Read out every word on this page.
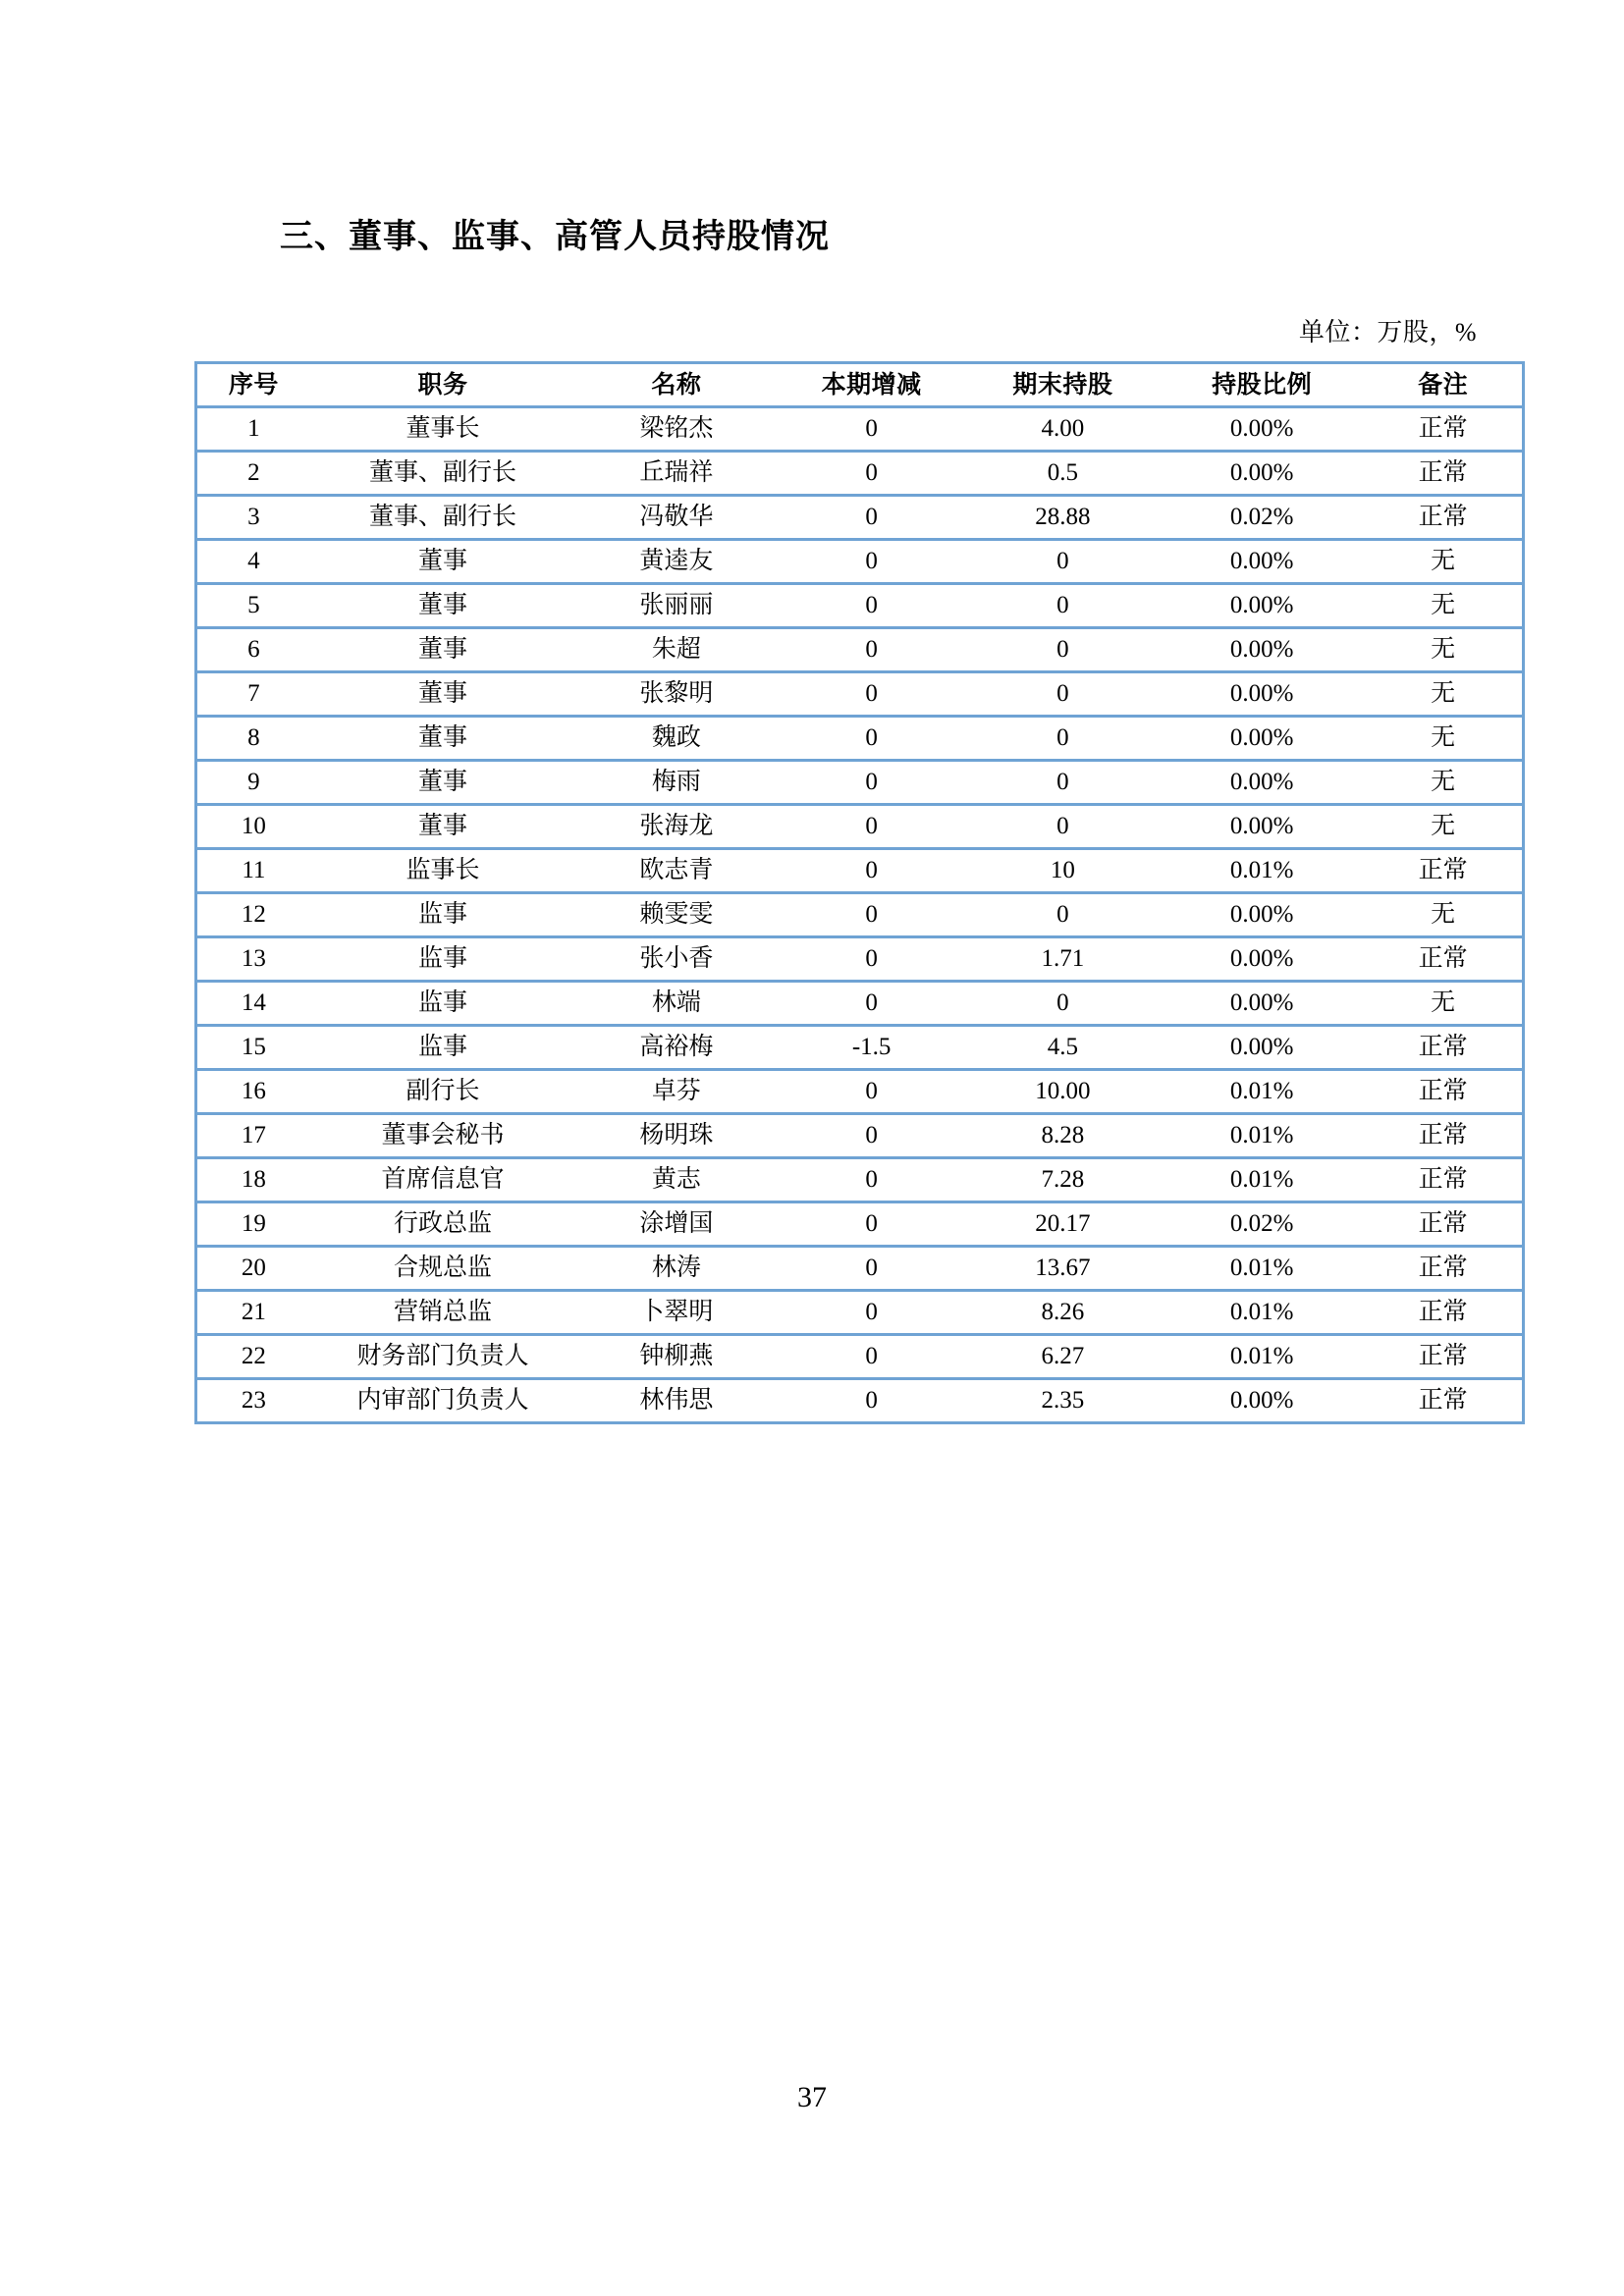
三、董事、监事、高管人员持股情况
单位：万股，%
序号	职务	名称	本期增减	期末持股	持股比例	备注
1	董事长	梁铭杰	0	4.00	0.00%	正常
2	董事、副行长	丘瑞祥	0	0.5	0.00%	正常
3	董事、副行长	冯敬华	0	28.88	0.02%	正常
4	董事	黄逵友	0	0	0.00%	无
5	董事	张丽丽	0	0	0.00%	无
6	董事	朱超	0	0	0.00%	无
7	董事	张黎明	0	0	0.00%	无
8	董事	魏政	0	0	0.00%	无
9	董事	梅雨	0	0	0.00%	无
10	董事	张海龙	0	0	0.00%	无
11	监事长	欧志青	0	10	0.01%	正常
12	监事	赖雯雯	0	0	0.00%	无
13	监事	张小香	0	1.71	0.00%	正常
14	监事	林端	0	0	0.00%	无
15	监事	高裕梅	-1.5	4.5	0.00%	正常
16	副行长	卓芬	0	10.00	0.01%	正常
17	董事会秘书	杨明珠	0	8.28	0.01%	正常
18	首席信息官	黄志	0	7.28	0.01%	正常
19	行政总监	涂增国	0	20.17	0.02%	正常
20	合规总监	林涛	0	13.67	0.01%	正常
21	营销总监	卜翠明	0	8.26	0.01%	正常
22	财务部门负责人	钟柳燕	0	6.27	0.01%	正常
23	内审部门负责人	林伟思	0	2.35	0.00%	正常
37
